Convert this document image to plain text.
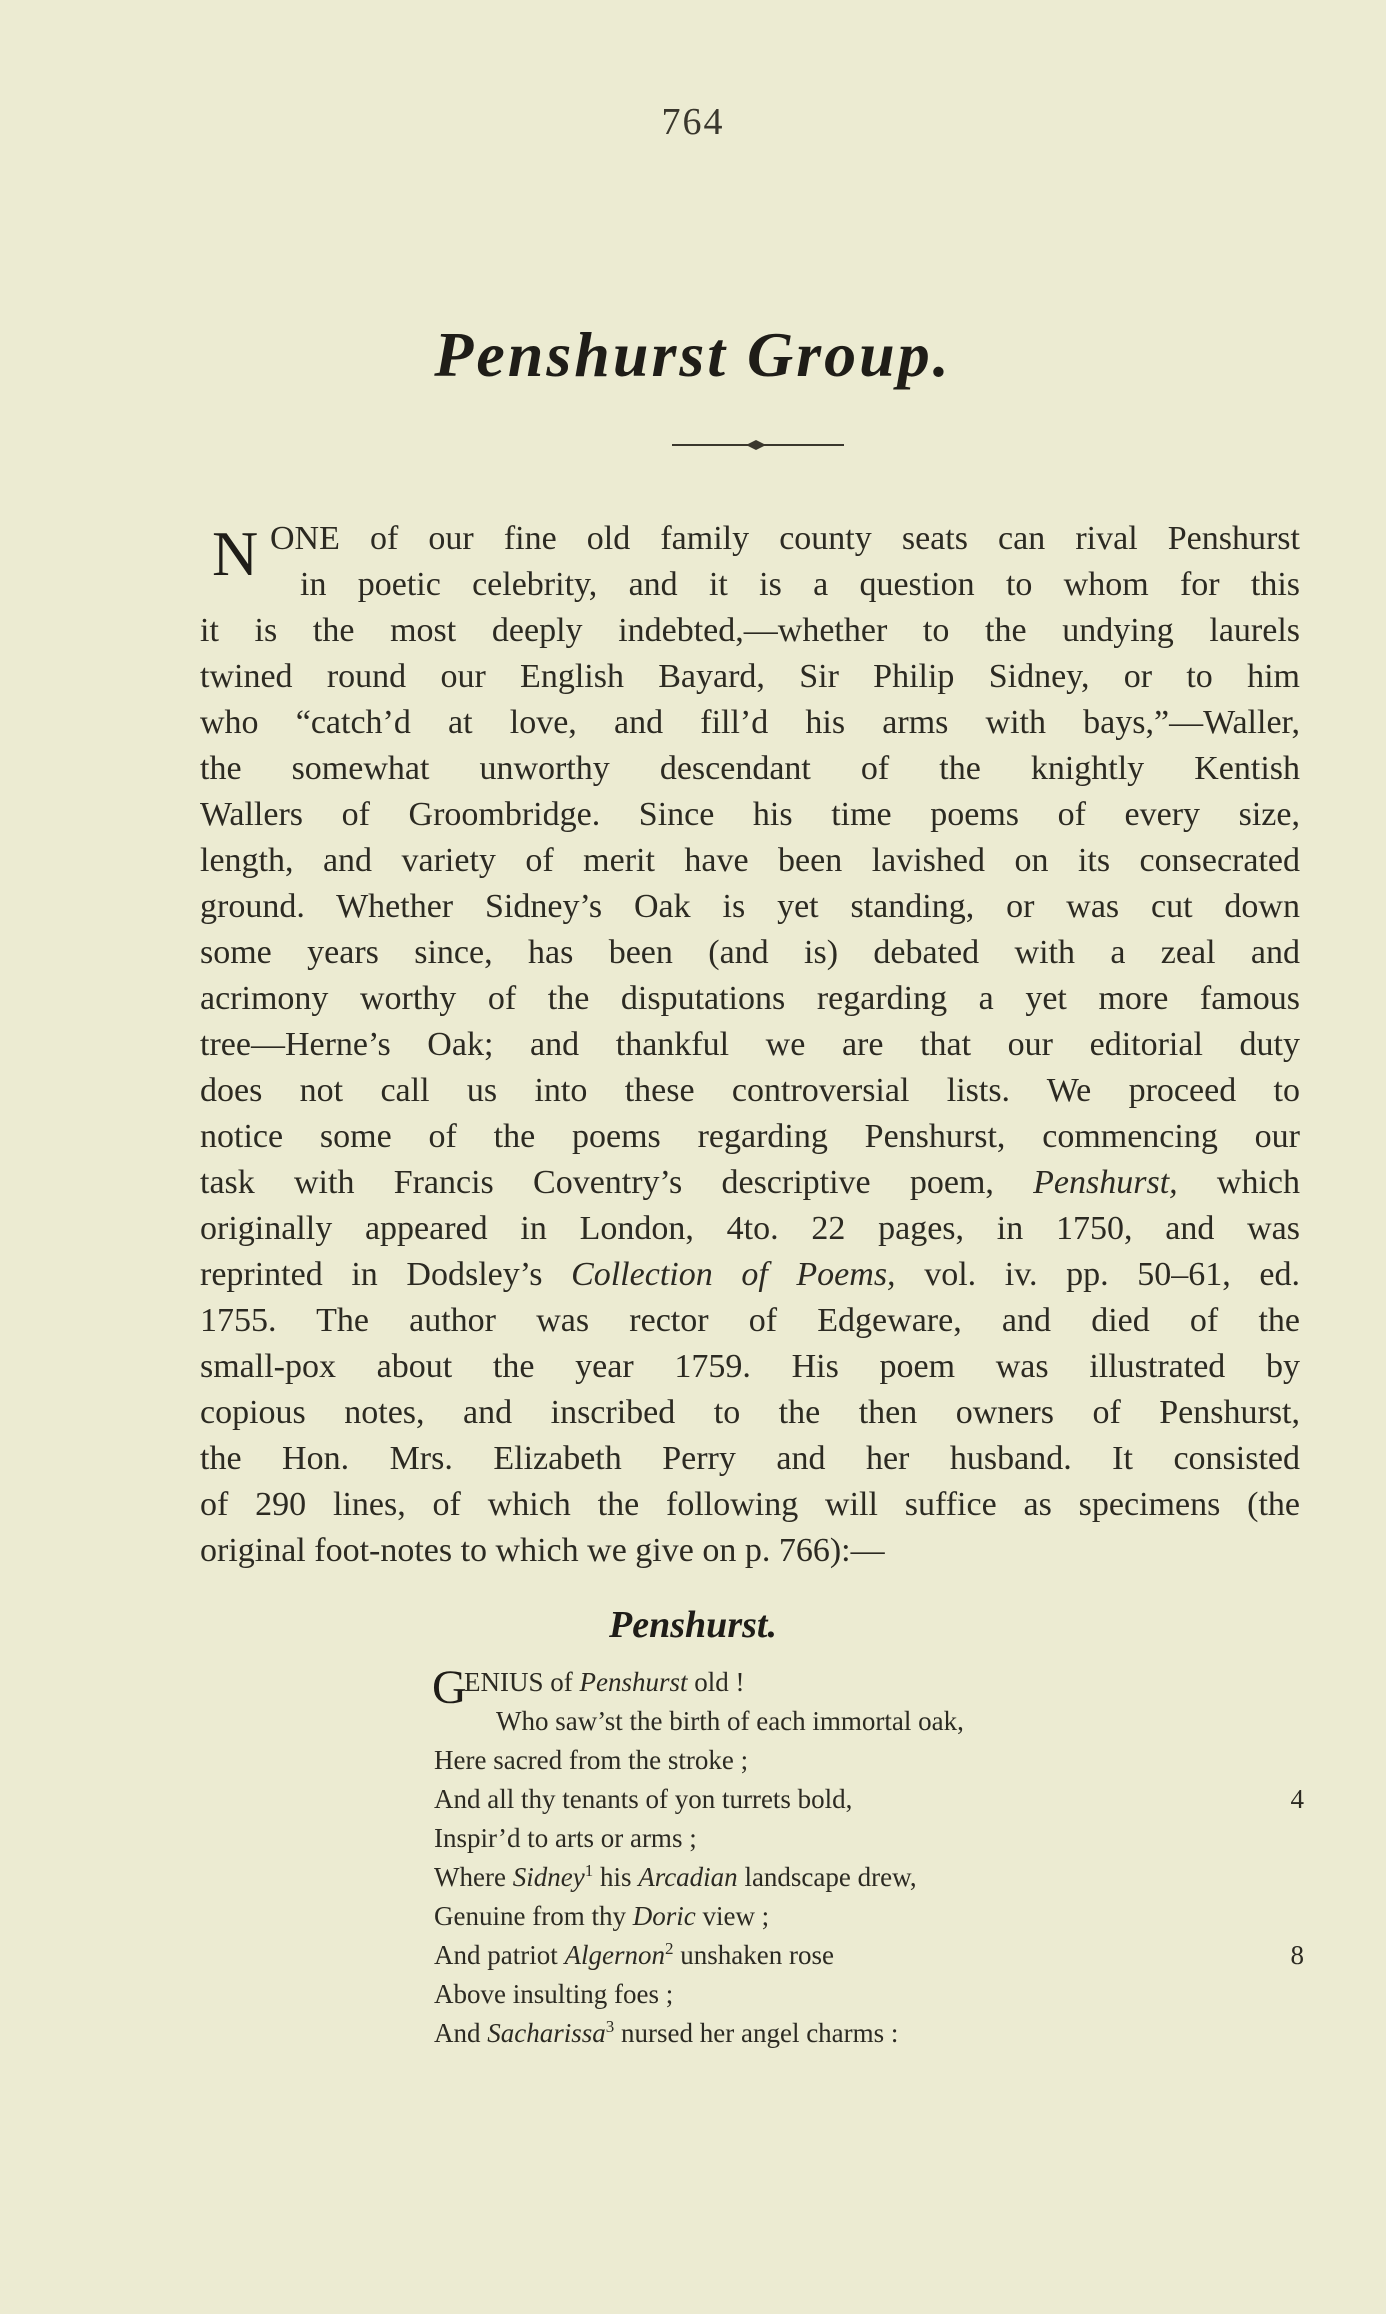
764
Penshurst Group.
N ONE of our fine old family county seats can rival Penshurst
in poetic celebrity, and it is a question to whom for this
it is the most deeply indebted,—whether to the undying laurels
twined round our English Bayard, Sir Philip Sidney, or to him
who “catch’d at love, and fill’d his arms with bays,”—Waller,
the somewhat unworthy descendant of the knightly Kentish
Wallers of Groombridge. Since his time poems of every size,
length, and variety of merit have been lavished on its consecrated
ground. Whether Sidney’s Oak is yet standing, or was cut down
some years since, has been (and is) debated with a zeal and
acrimony worthy of the disputations regarding a yet more famous
tree—Herne’s Oak; and thankful we are that our editorial duty
does not call us into these controversial lists. We proceed to
notice some of the poems regarding Penshurst, commencing our
task with Francis Coventry’s descriptive poem, Penshurst, which
originally appeared in London, 4to. 22 pages, in 1750, and was
reprinted in Dodsley’s Collection of Poems, vol. iv. pp. 50–61, ed.
1755. The author was rector of Edgeware, and died of the
small-pox about the year 1759. His poem was illustrated by
copious notes, and inscribed to the then owners of Penshurst,
the Hon. Mrs. Elizabeth Perry and her husband. It consisted
of 290 lines, of which the following will suffice as specimens (the
original foot-notes to which we give on p. 766):—
Penshurst.
G
ENIUS of Penshurst old !
Who saw’st the birth of each immortal oak,
Here sacred from the stroke ;
And all thy tenants of yon turrets bold,	4
Inspir’d to arts or arms ;
Where Sidney$^1$ his Arcadian landscape drew,
Genuine from thy Doric view ;
And patriot Algernon$^2$ unshaken rose	8
Above insulting foes ;
And Sacharissa$^3$ nursed her angel charms :
